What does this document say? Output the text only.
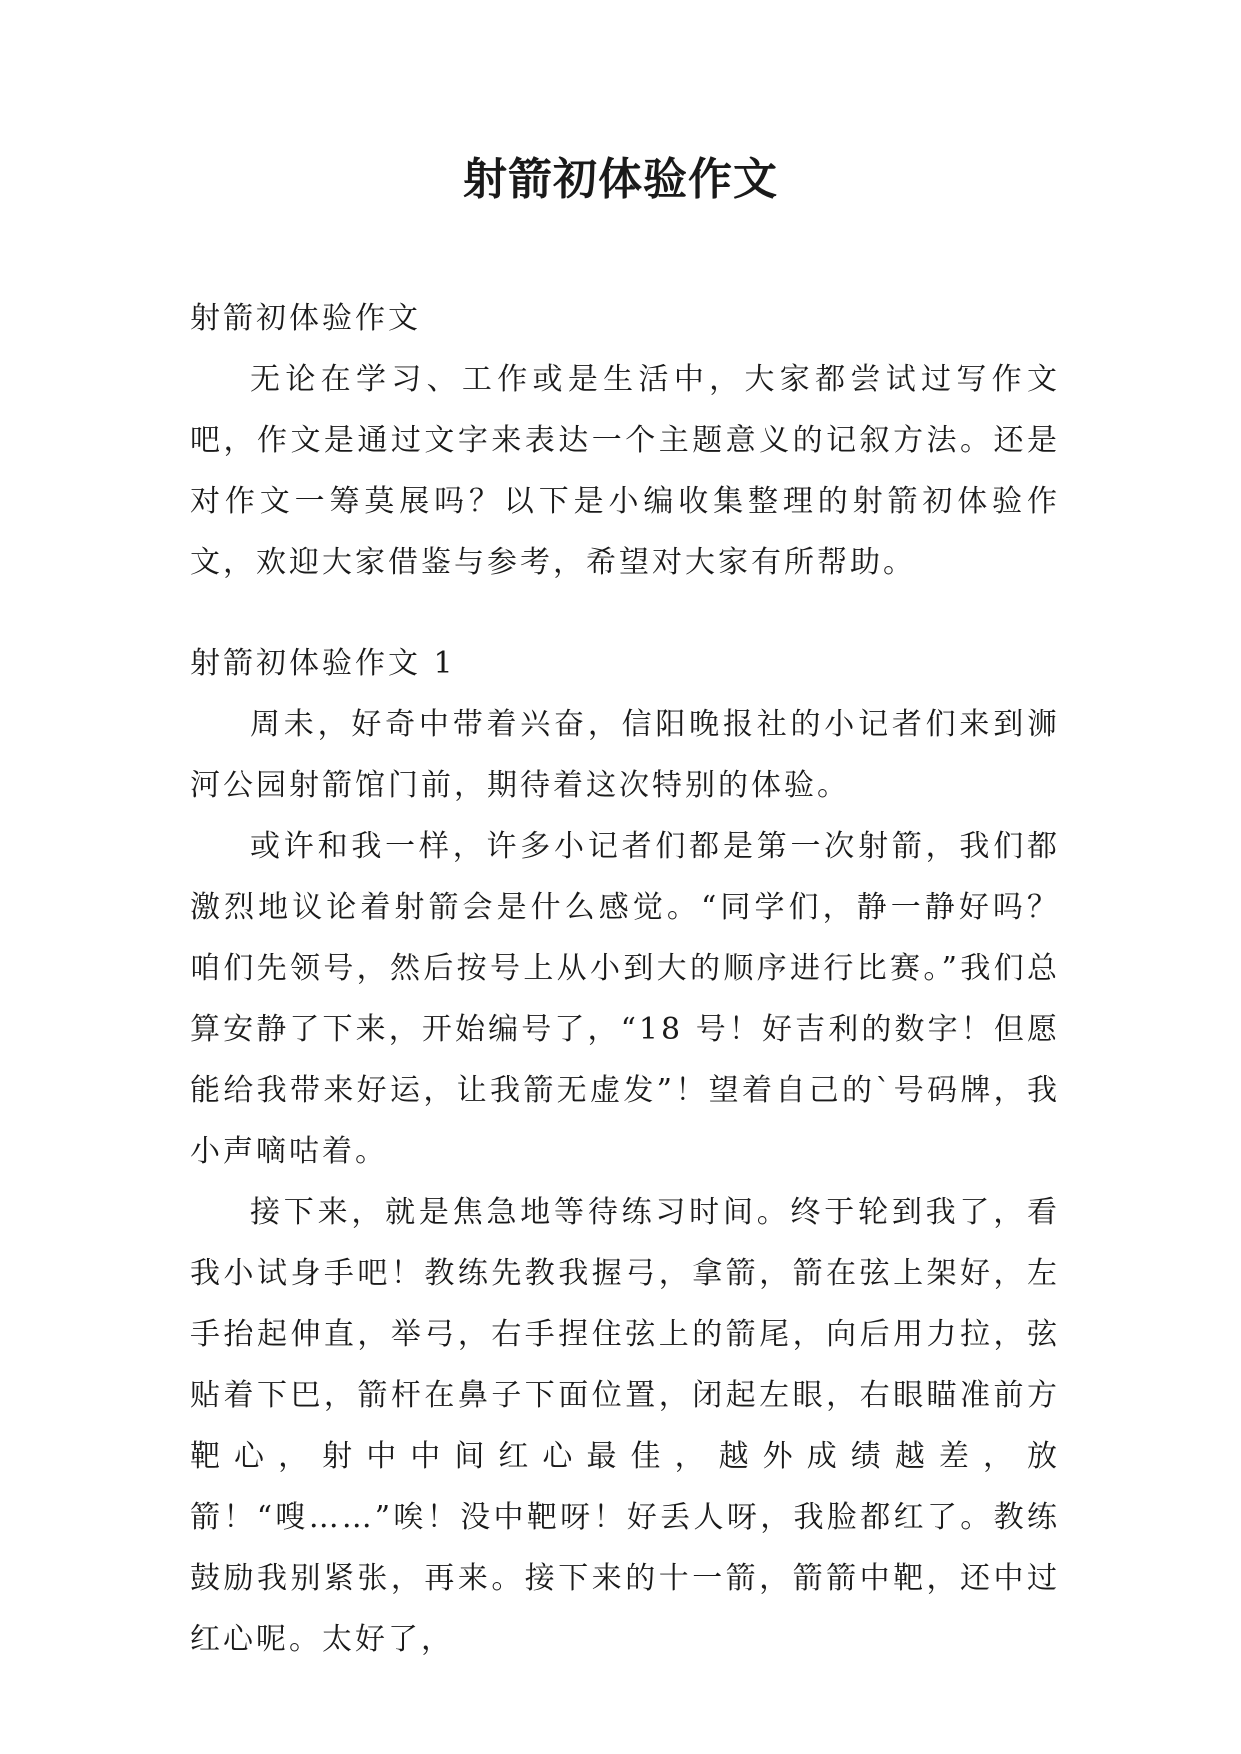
射箭初体验作文

射箭初体验作文

无论在学习、工作或是生活中，大家都尝试过写作文吧，作文是通过文字来表达一个主题意义的记叙方法。还是对作文一筹莫展吗？以下是小编收集整理的射箭初体验作文，欢迎大家借鉴与参考，希望对大家有所帮助。

射箭初体验作文 1

周未，好奇中带着兴奋，信阳晚报社的小记者们来到浉河公园射箭馆门前，期待着这次特别的体验。

或许和我一样，许多小记者们都是第一次射箭，我们都激烈地议论着射箭会是什么感觉。“同学们，静一静好吗？咱们先领号，然后按号上从小到大的顺序进行比赛。”我们总算安静了下来，开始编号了，“18 号！好吉利的数字！但愿能给我带来好运，让我箭无虚发”！望着自己的`号码牌，我小声嘀咕着。

接下来，就是焦急地等待练习时间。终于轮到我了，看我小试身手吧！教练先教我握弓，拿箭，箭在弦上架好，左手抬起伸直，举弓，右手捏住弦上的箭尾，向后用力拉，弦贴着下巴，箭杆在鼻子下面位置，闭起左眼，右眼瞄准前方靶心，射中中间红心最佳，越外成绩越差，放箭！“嗖……”唉！没中靶呀！好丢人呀，我脸都红了。教练鼓励我别紧张，再来。接下来的十一箭，箭箭中靶，还中过红心呢。太好了，
